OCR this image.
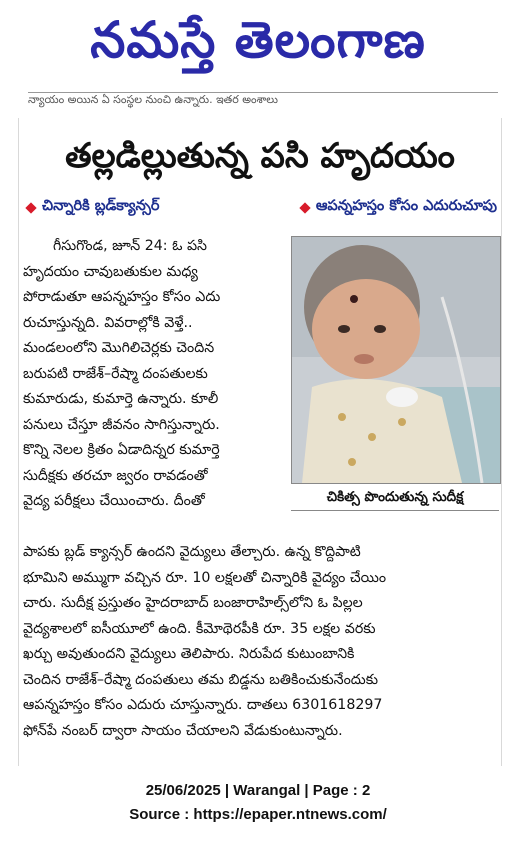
నమస్తే తెలంగాణ
న్యాయం అయిన ఏ సంస్థల నుంచి ఉన్నారు. ఇతర అంశాలు
తల్లడిల్లుతున్న పసి హృదయం
చిన్నారికి బ్లడ్‌క్యాన్సర్	ఆపన్నహస్తం కోసం ఎదురుచూపు
గీసుగొండ, జూన్ 24: ఓ పసి
హృదయం చావుబతుకుల మధ్య
పోరాడుతూ ఆపన్నహస్తం కోసం ఎదు
రుచూస్తున్నది. వివరాల్లోకి వెళ్తే..
మండలంలోని మొగిలిచెర్లకు చెందిన
బరుపటి రాజేశ్–రేష్మా దంపతులకు
కుమారుడు, కుమార్తె ఉన్నారు. కూలీ
పనులు చేస్తూ జీవనం సాగిస్తున్నారు.
కొన్ని నెలల క్రితం ఏడాదిన్నర కుమార్తె
సుదీక్షకు తరచూ జ్వరం రావడంతో
వైద్య పరీక్షలు చేయించారు. దీంతో	చికిత్స పొందుతున్న సుదీక్ష
పాపకు బ్లడ్ క్యాన్సర్ ఉందని వైద్యులు తేల్చారు. ఉన్న కొద్దిపాటి
భూమిని అమ్ముగా వచ్చిన రూ. 10 లక్షలతో చిన్నారికి వైద్యం చేయిం
చారు. సుదీక్ష ప్రస్తుతం హైదరాబాద్ బంజారాహిల్స్‌లోని ఓ పిల్లల
వైద్యశాలలో ఐసీయూలో ఉంది. కీమోథెరపీకి రూ. 35 లక్షల వరకు
ఖర్చు అవుతుందని వైద్యులు తెలిపారు. నిరుపేద కుటుంబానికి
చెందిన రాజేశ్–రేష్మా దంపతులు తమ బిడ్డను బతికించుకునేందుకు
ఆపన్నహస్తం కోసం ఎదురు చూస్తున్నారు. దాతలు 6301618297
ఫోన్‌పే నంబర్ ద్వారా సాయం చేయాలని వేడుకుంటున్నారు.
25/06/2025 | Warangal | Page : 2
Source : https://epaper.ntnews.com/
